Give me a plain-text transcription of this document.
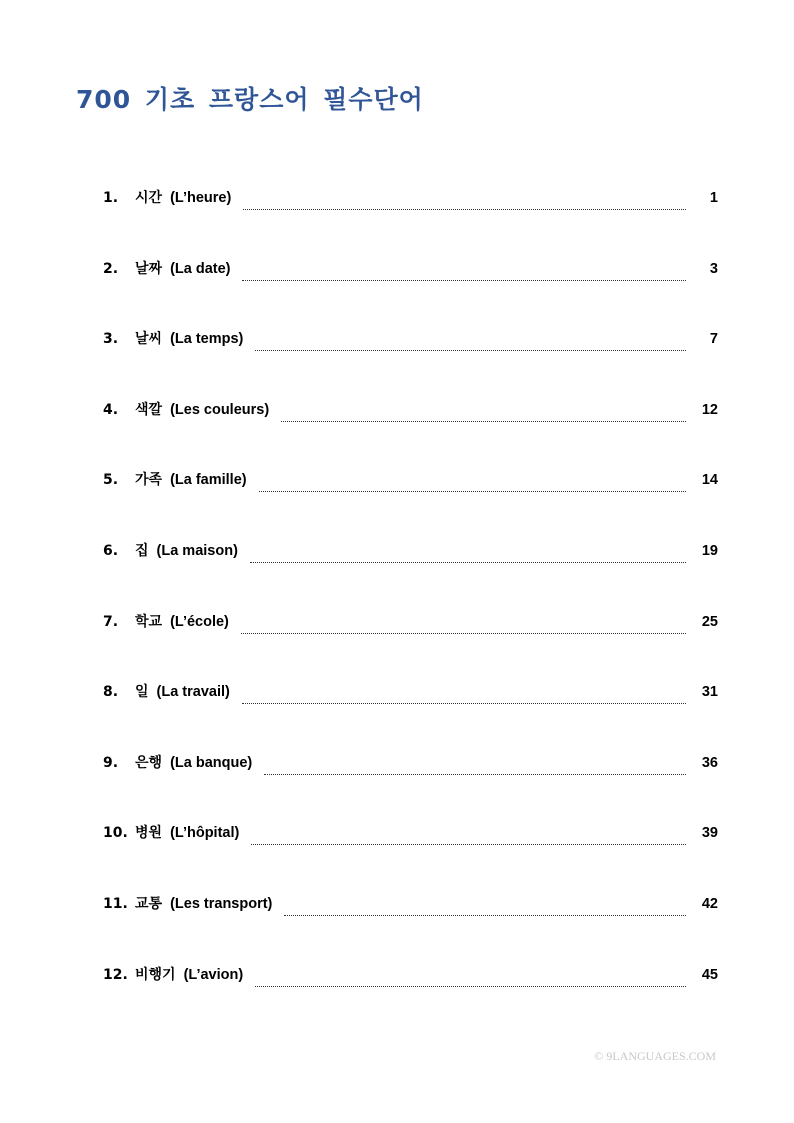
700 기초 프랑스어 필수단어
1.	시간 (L’heure)	1
2.	날짜 (La date)	3
3.	날씨 (La temps)	7
4.	색깔 (Les couleurs)	12
5.	가족 (La famille)	14
6.	집 (La maison)	19
7.	학교 (L’école)	25
8.	일 (La travail)	31
9.	은행 (La banque)	36
10. 병원 (L’hôpital)	39
11. 교통 (Les transport)	42
12. 비행기 (L’avion)	45
© 9LANGUAGES.COM
